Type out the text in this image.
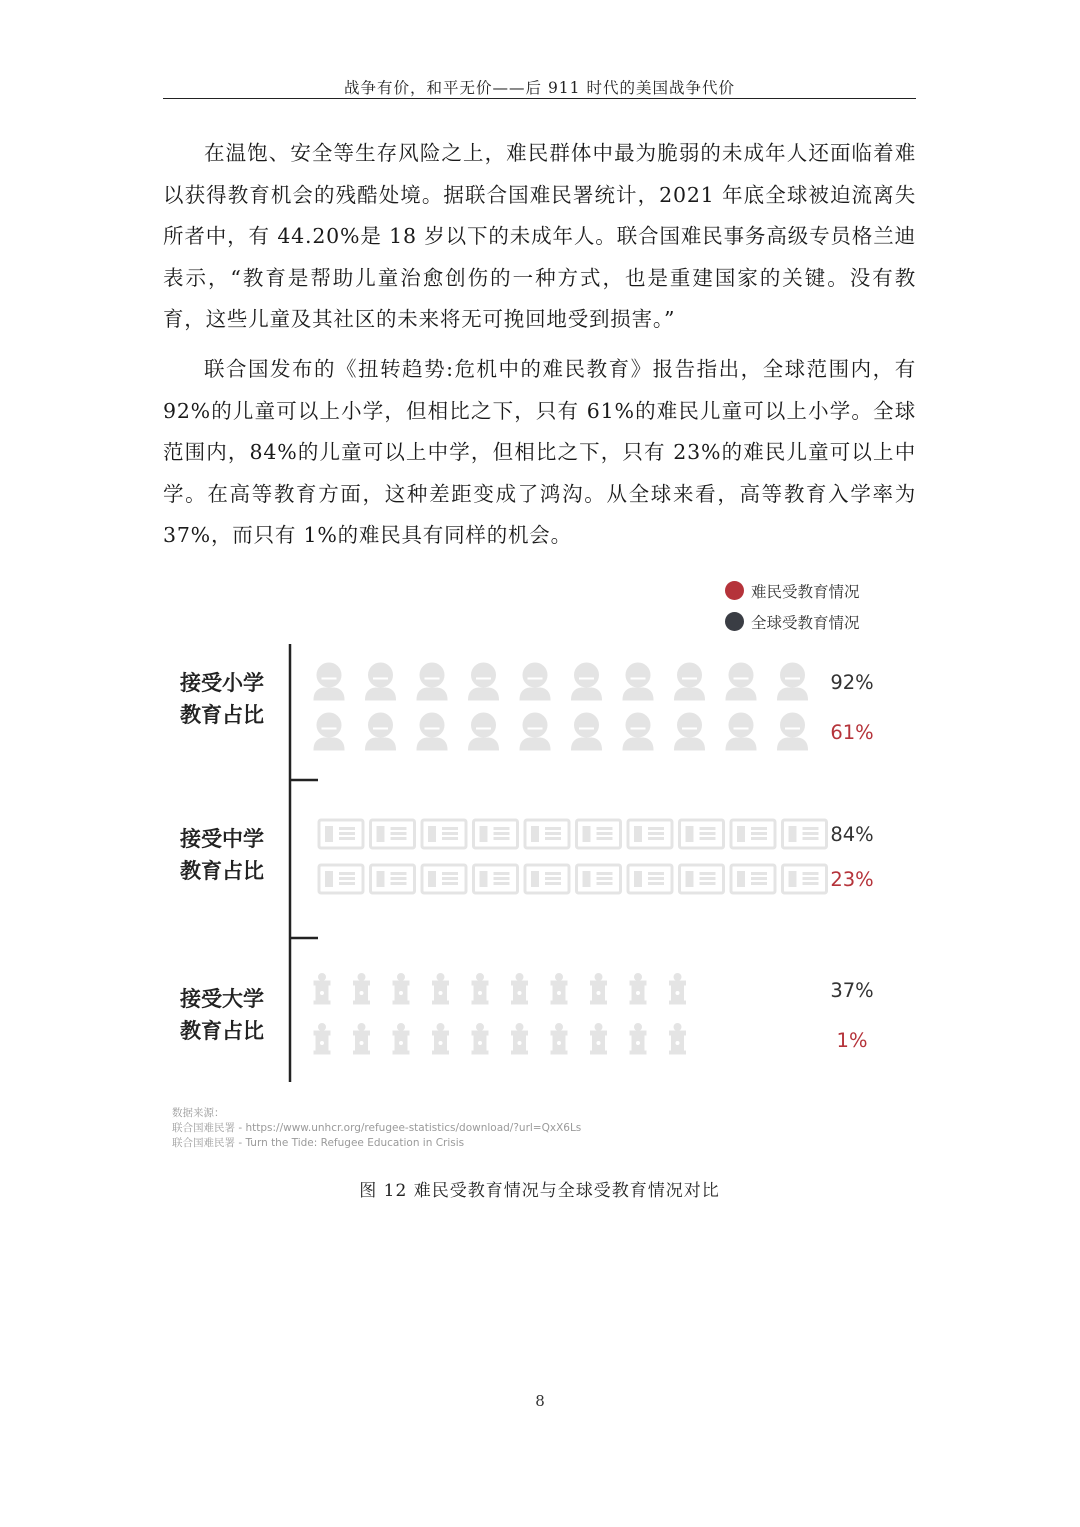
战争有价，和平无价——后 911 时代的美国战争代价

在温饱、安全等生存风险之上，难民群体中最为脆弱的未成年人还面临着难以获得教育机会的残酷处境。据联合国难民署统计，2021 年底全球被迫流离失所者中，有 44.20%是 18 岁以下的未成年人。联合国难民事务高级专员格兰迪表示，“教育是帮助儿童治愈创伤的一种方式，也是重建国家的关键。没有教育，这些儿童及其社区的未来将无可挽回地受到损害。”

联合国发布的《扭转趋势:危机中的难民教育》报告指出，全球范围内，有 92%的儿童可以上小学，但相比之下，只有 61%的难民儿童可以上小学。全球范围内，84%的儿童可以上中学，但相比之下，只有 23%的难民儿童可以上中学。在高等教育方面，这种差距变成了鸿沟。从全球来看，高等教育入学率为 37%，而只有 1%的难民具有同样的机会。

难民受教育情况
全球受教育情况
接受小学
教育占比
92%
61%
接受中学
教育占比
84%
23%
接受大学
教育占比
37%
1%
数据来源：
联合国难民署 - https://www.unhcr.org/refugee-statistics/download/?url=QxX6Ls
联合国难民署 - Turn the Tide: Refugee Education in Crisis
图 12 难民受教育情况与全球受教育情况对比
8
